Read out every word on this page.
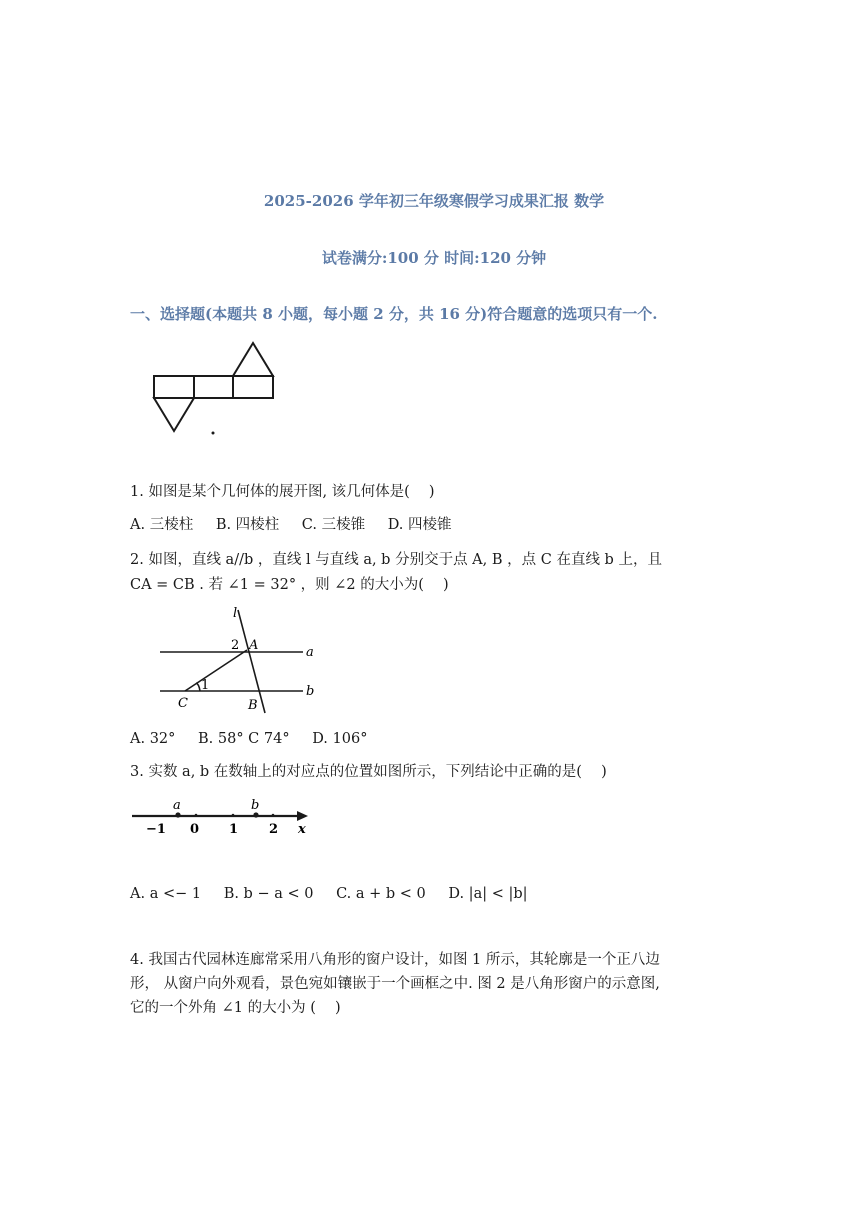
2025-2026 学年初三年级寒假学习成果汇报 数学
试卷满分:100 分 时间:120 分钟
一、选择题(本题共 8 小题，每小题 2 分，共 16 分)符合题意的选项只有一个.
1. 如图是某个几何体的展开图, 该几何体是(　 )
A. 三棱柱 B. 四棱柱 C. 三棱锥 D. 四棱锥
2. 如图，直线 a//b ，直线 l 与直线 a, b 分别交于点 A, B ，点 C 在直线 b 上，且
CA = CB . 若 ∠1 = 32° ，则 ∠2 的大小为(　 )
l
2 A	a
1
C	B
b
A. 32° B. 58° C 74° D. 106°
3. 实数 a, b 在数轴上的对应点的位置如图所示，下列结论中正确的是(　 )
a	b
−1 0 1 2 x
A. a <− 1 B. b − a < 0 C. a + b < 0 D. |a| < |b|
4. 我国古代园林连廊常采用八角形的窗户设计，如图 1 所示，其轮廓是一个正八边
形， 从窗户向外观看，景色宛如镶嵌于一个画框之中. 图 2 是八角形窗户的示意图,
它的一个外角 ∠1 的大小为 (　 )
